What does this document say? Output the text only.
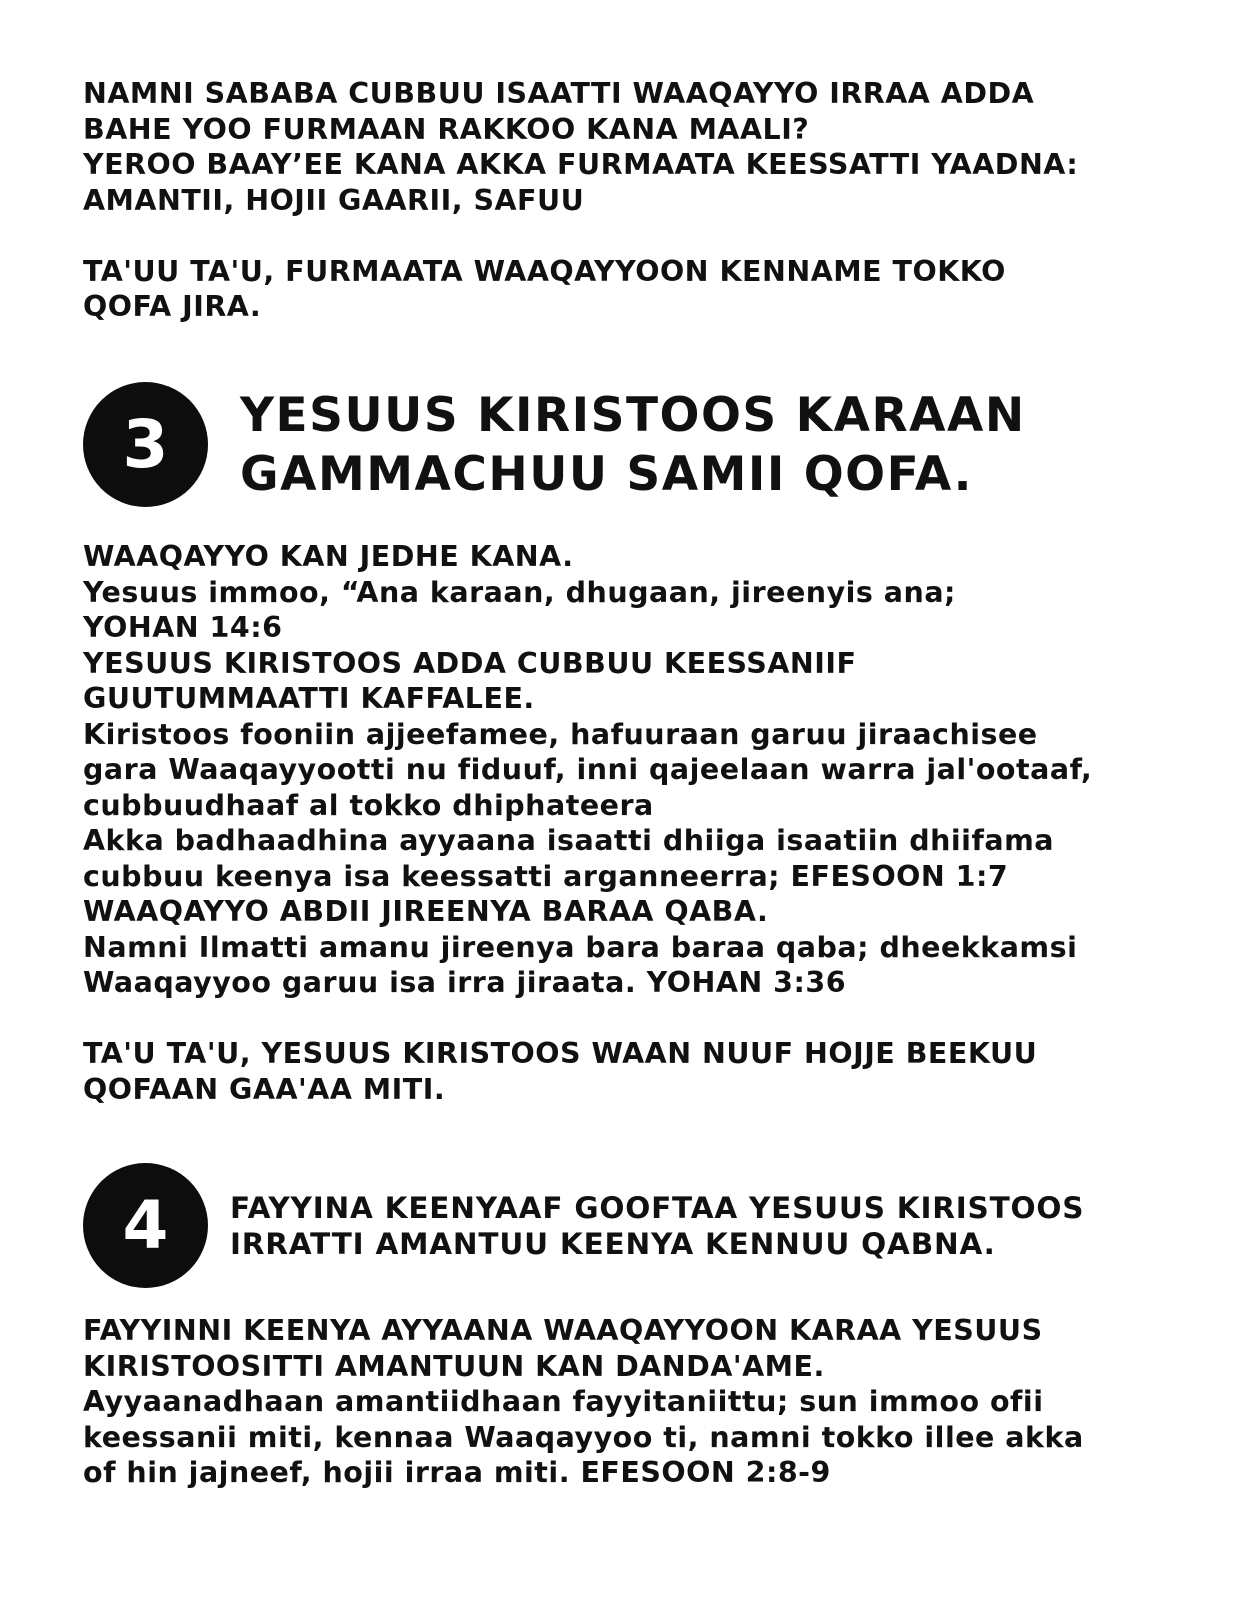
NAMNI SABABA CUBBUU ISAATTI WAAQAYYO IRRAA ADDA
BAHE YOO FURMAAN RAKKOO KANA MAALI?
YEROO BAAY’EE KANA AKKA FURMAATA KEESSATTI YAADNA:
AMANTII, HOJII GAARII, SAFUU
TA'UU TA'U, FURMAATA WAAQAYYOON KENNAME TOKKO
QOFA JIRA.
3 YESUUS KIRISTOOS KARAAN
GAMMACHUU SAMII QOFA.
WAAQAYYO KAN JEDHE KANA.
Yesuus immoo, “Ana karaan, dhugaan, jireenyis ana;
YOHAN 14:6
YESUUS KIRISTOOS ADDA CUBBUU KEESSANIIF
GUUTUMMAATTI KAFFALEE.
Kiristoos fooniin ajjeefamee, hafuuraan garuu jiraachisee
gara Waaqayyootti nu fiduuf, inni qajeelaan warra jal'ootaaf,
cubbuudhaaf al tokko dhiphateera
Akka badhaadhina ayyaana isaatti dhiiga isaatiin dhiifama
cubbuu keenya isa keessatti arganneerra; EFESOON 1:7
WAAQAYYO ABDII JIREENYA BARAA QABA.
Namni Ilmatti amanu jireenya bara baraa qaba; dheekkamsi
Waaqayyoo garuu isa irra jiraata. YOHAN 3:36
TA'U TA'U, YESUUS KIRISTOOS WAAN NUUF HOJJE BEEKUU
QOFAAN GAA'AA MITI.
4 FAYYINA KEENYAAF GOOFTAA YESUUS KIRISTOOS
IRRATTI AMANTUU KEENYA KENNUU QABNA.
FAYYINNI KEENYA AYYAANA WAAQAYYOON KARAA YESUUS
KIRISTOOSITTI AMANTUUN KAN DANDA'AME.
Ayyaanadhaan amantiidhaan fayyitaniittu; sun immoo ofii
keessanii miti, kennaa Waaqayyoo ti, namni tokko illee akka
of hin jajneef, hojii irraa miti. EFESOON 2:8-9
